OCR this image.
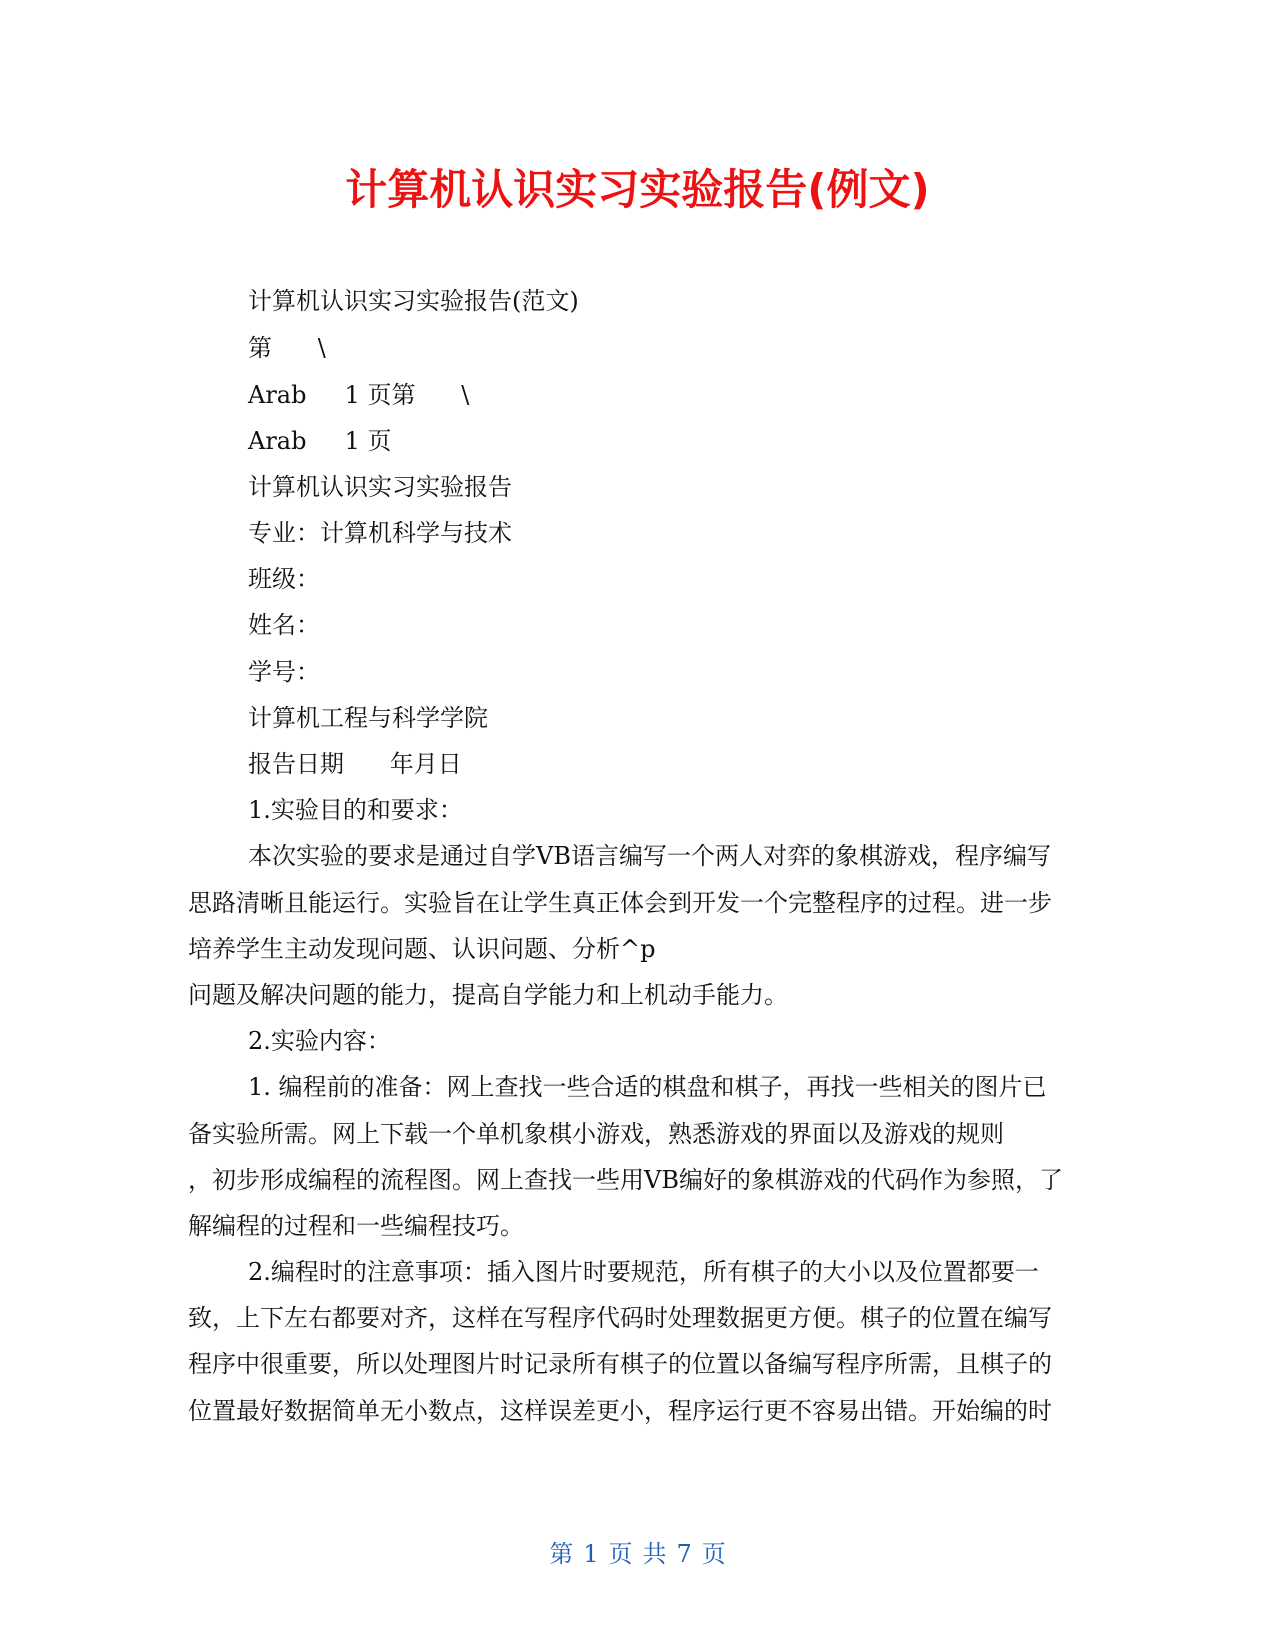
计算机认识实习实验报告(例文)

计算机认识实习实验报告(范文)

第      \

Arab     1 页第      \

Arab     1 页

计算机认识实习实验报告

专业：计算机科学与技术

班级：

姓名：

学号：

计算机工程与科学学院

报告日期      年月日

1.实验目的和要求：

本次实验的要求是通过自学VB语言编写一个两人对弈的象棋游戏，程序编写

思路清晰且能运行。实验旨在让学生真正体会到开发一个完整程序的过程。进一步

培养学生主动发现问题、认识问题、分析^p

问题及解决问题的能力，提高自学能力和上机动手能力。

2.实验内容：

1. 编程前的准备：网上查找一些合适的棋盘和棋子，再找一些相关的图片已

备实验所需。网上下载一个单机象棋小游戏，熟悉游戏的界面以及游戏的规则

，初步形成编程的流程图。网上查找一些用VB编好的象棋游戏的代码作为参照，了

解编程的过程和一些编程技巧。

2.编程时的注意事项：插入图片时要规范，所有棋子的大小以及位置都要一

致，上下左右都要对齐，这样在写程序代码时处理数据更方便。棋子的位置在编写

程序中很重要，所以处理图片时记录所有棋子的位置以备编写程序所需，且棋子的

位置最好数据简单无小数点，这样误差更小，程序运行更不容易出错。开始编的时

第 1 页 共 7 页
